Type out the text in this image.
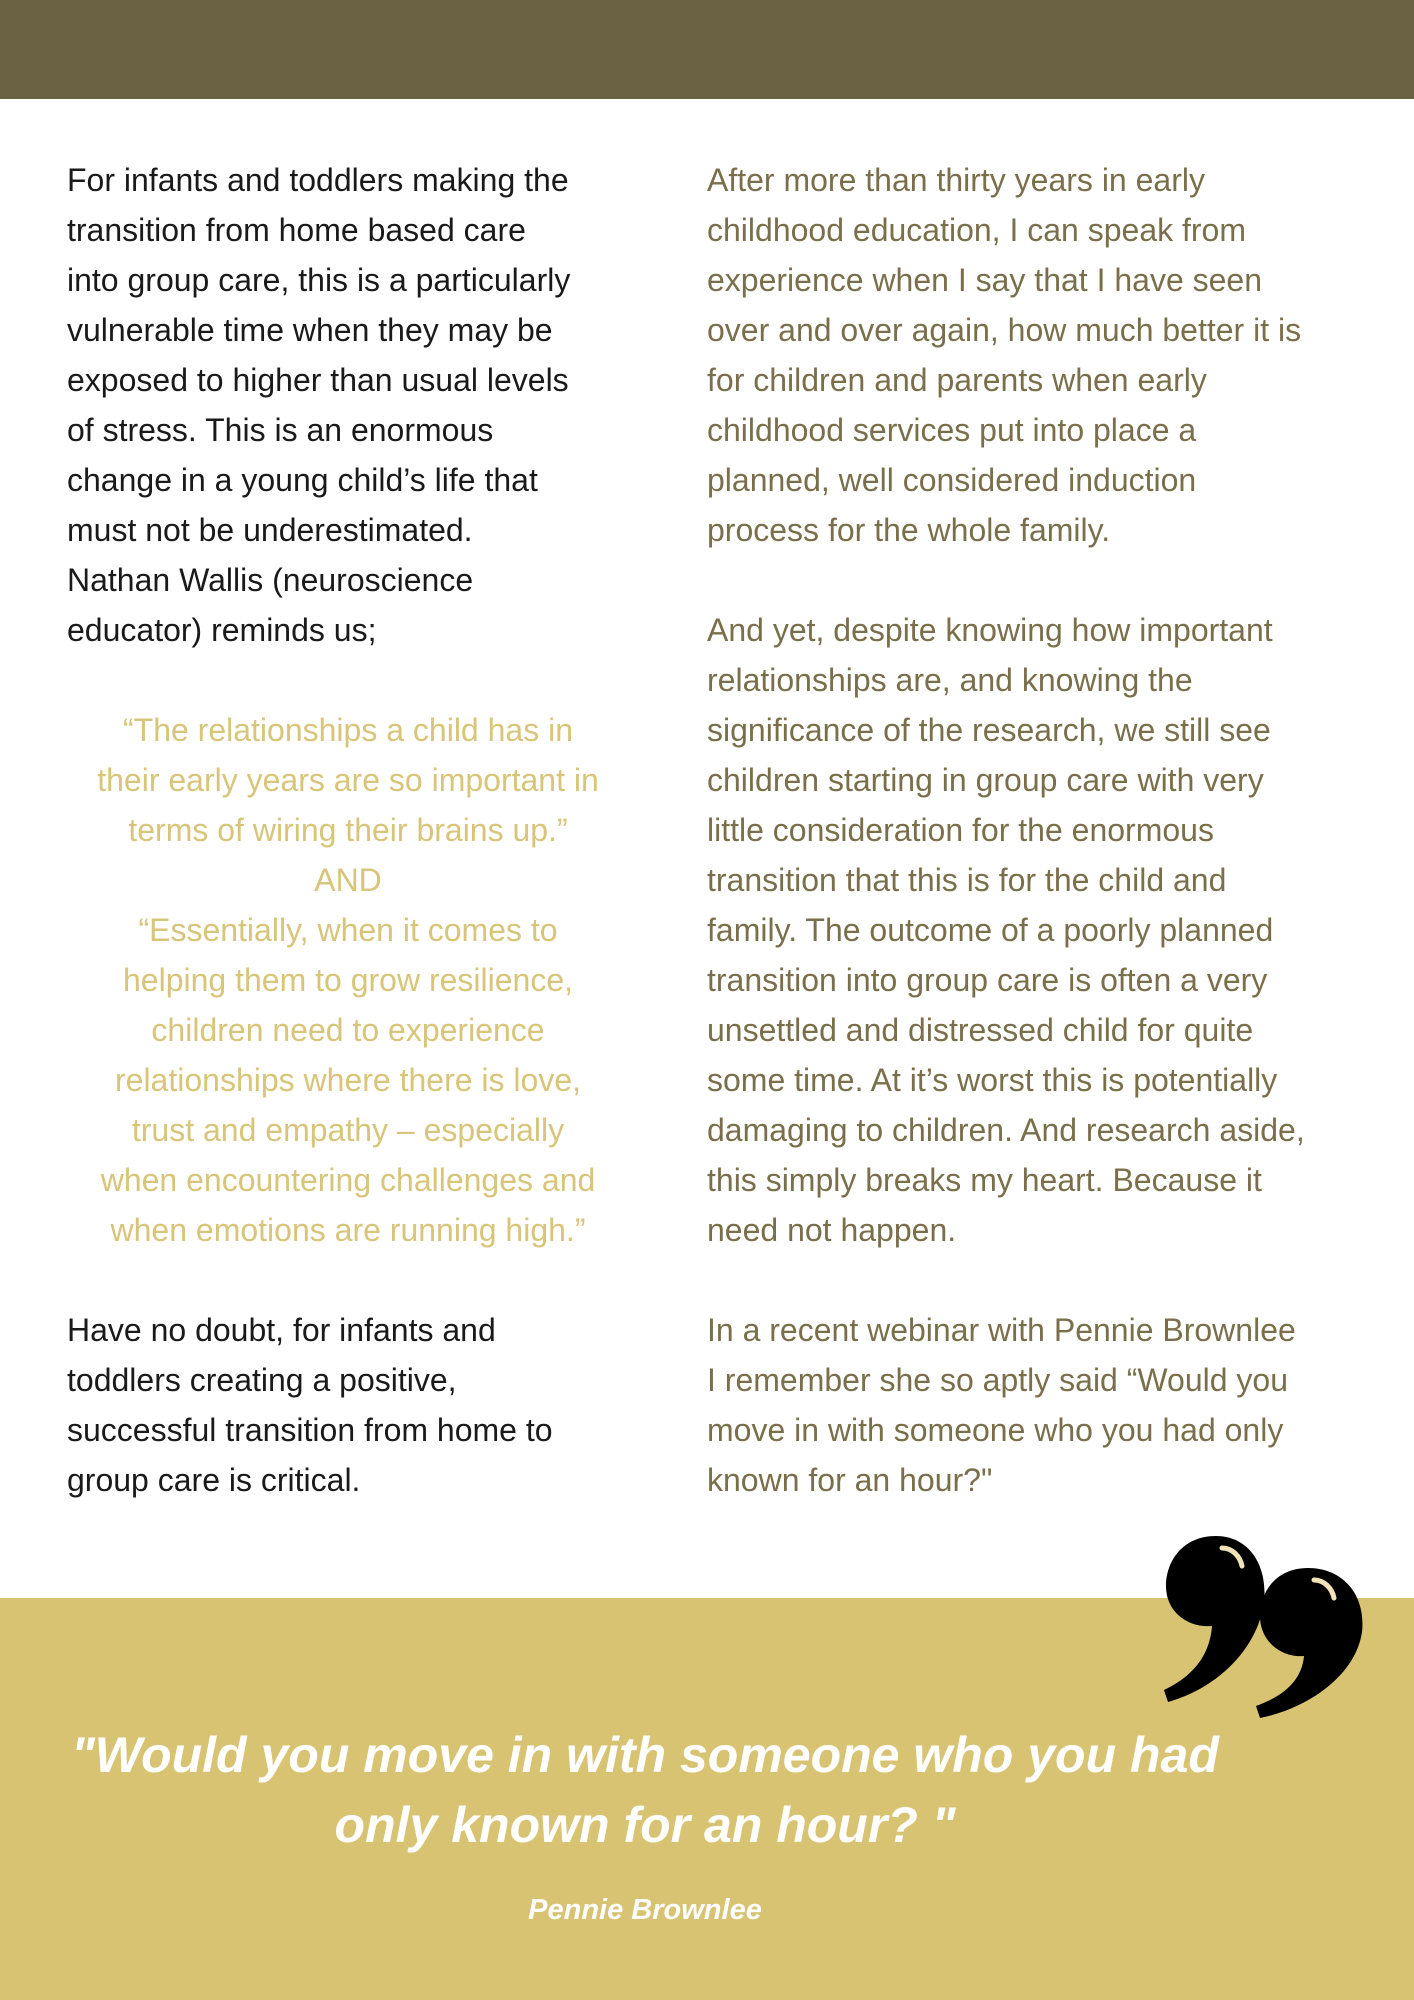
For infants and toddlers making the
transition from home based care
into group care, this is a particularly
vulnerable time when they may be
exposed to higher than usual levels
of stress. This is an enormous
change in a young child’s life that
must not be underestimated.
Nathan Wallis (neuroscience
educator) reminds us;

“The relationships a child has in
their early years are so important in
terms of wiring their brains up.”
AND
“Essentially, when it comes to
helping them to grow resilience,
children need to experience
relationships where there is love,
trust and empathy – especially
when encountering challenges and
when emotions are running high.”

Have no doubt, for infants and
toddlers creating a positive,
successful transition from home to
group care is critical.

After more than thirty years in early
childhood education, I can speak from
experience when I say that I have seen
over and over again, how much better it is
for children and parents when early
childhood services put into place a
planned, well considered induction
process for the whole family.

And yet, despite knowing how important
relationships are, and knowing the
significance of the research, we still see
children starting in group care with very
little consideration for the enormous
transition that this is for the child and
family. The outcome of a poorly planned
transition into group care is often a very
unsettled and distressed child for quite
some time. At it’s worst this is potentially
damaging to children. And research aside,
this simply breaks my heart. Because it
need not happen.

In a recent webinar with Pennie Brownlee
I remember she so aptly said “Would you
move in with someone who you had only
known for an hour?"

"Would you move in with someone who you had
only known for an hour? "
Pennie Brownlee
